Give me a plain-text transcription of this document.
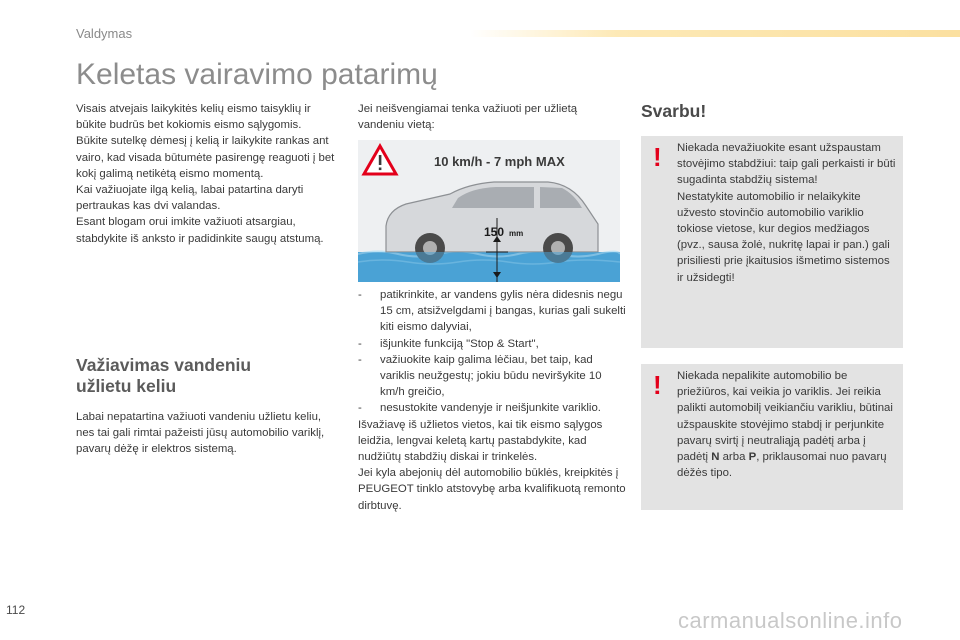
Valdymas
Keletas vairavimo patarimų

Visais atvejais laikykitės kelių eismo taisyklių ir būkite budrūs bet kokiomis eismo sąlygomis.

Būkite sutelkę dėmesį į kelią ir laikykite rankas ant vairo, kad visada būtumėte pasirengę reaguoti į bet kokį galimą netikėtą eismo momentą.

Kai važiuojate ilgą kelią, labai patartina daryti pertraukas kas dvi valandas.

Esant blogam orui imkite važiuoti atsargiau, stabdykite iš anksto ir padidinkite saugų atstumą.

Važiavimas vandeniu

užlietu keliu

Labai nepatartina važiuoti vandeniu užlietu keliu, nes tai gali rimtai pažeisti jūsų automobilio variklį, pavarų dėžę ir elektros sistemą.

Jei neišvengiamai tenka važiuoti per užlietą vandeniu vietą:

10 km/h - 7 mph MAX
150 mm
-	patikrinkite, ar vandens gylis nėra didesnis negu 15 cm, atsižvelgdami į bangas, kurias gali sukelti kiti eismo dalyviai,
-	išjunkite funkciją "Stop & Start",
-	važiuokite kaip galima lėčiau, bet taip, kad variklis neužgestų; jokiu būdu neviršykite 10 km/h greičio,
-	nesustokite vandenyje ir neišjunkite variklio.

Išvažiavę iš užlietos vietos, kai tik eismo sąlygos leidžia, lengvai keletą kartų pastabdykite, kad nudžiūtų stabdžių diskai ir trinkelės.

Jei kyla abejonių dėl automobilio būklės, kreipkitės į PEUGEOT tinklo atstovybę arba kvalifikuotą remonto dirbtuvę.

Svarbu!
! Niekada nevažiuokite esant užspaustam stovėjimo stabdžiui: taip gali perkaisti ir būti sugadinta stabdžių sistema!

Nestatykite automobilio ir nelaikykite užvesto stovinčio automobilio variklio tokiose vietose, kur degios medžiagos (pvz., sausa žolė, nukritę lapai ir pan.) gali prisiliesti prie įkaitusios išmetimo sistemos ir užsidegti!

! Niekada nepalikite automobilio be priežiūros, kai veikia jo variklis. Jei reikia palikti automobilį veikiančiu varikliu, būtinai užspauskite stovėjimo stabdį ir perjunkite pavarų svirtį į neutraliąją padėtį arba į padėtį N arba P, priklausomai nuo pavarų dėžės tipo.

112	carmanualsonline.info
